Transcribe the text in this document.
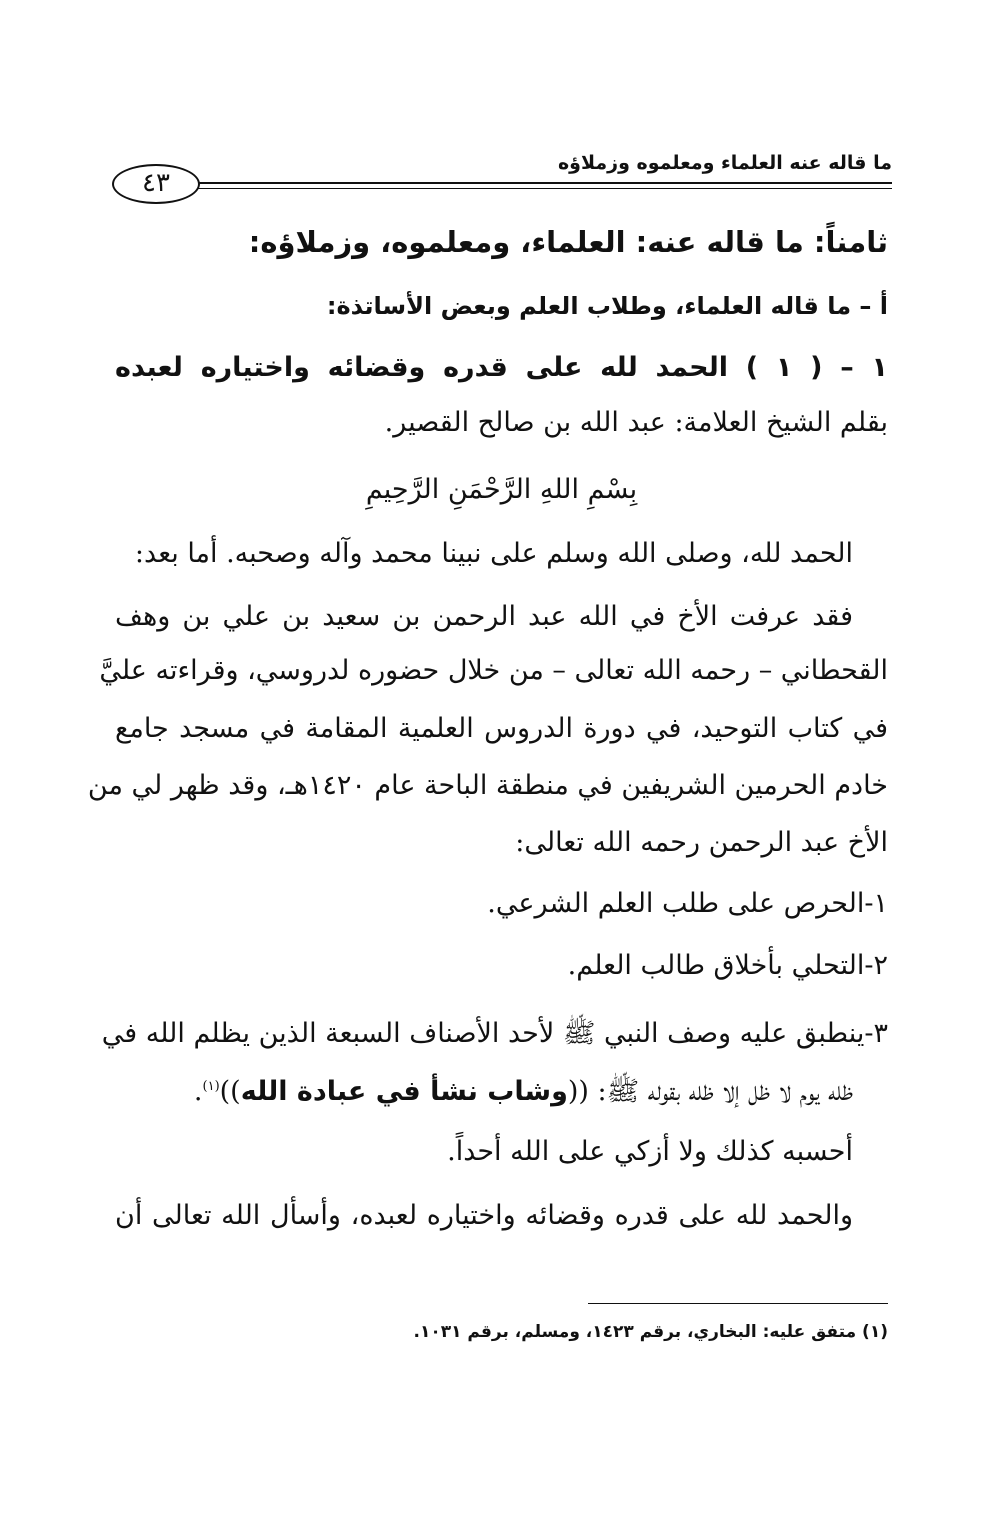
ما قاله عنه العلماء ومعلموه وزملاؤه
٤٣
ثامناً: ما قاله عنه: العلماء، ومعلموه، وزملاؤه:
أ – ما قاله العلماء، وطلاب العلم وبعض الأساتذة:
١ – ( ١ ) الحمد لله على قدره وقضائه واختياره لعبده
بقلم الشيخ العلامة: عبد الله بن صالح القصير.
بِسْمِ اللهِ الرَّحْمَنِ الرَّحِيمِ
الحمد لله، وصلى الله وسلم على نبينا محمد وآله وصحبه. أما بعد:
فقد عرفت الأخ في الله عبد الرحمن بن سعيد بن علي بن وهف
القحطاني – رحمه الله تعالى – من خلال حضوره لدروسي، وقراءته عليَّ
في كتاب التوحيد، في دورة الدروس العلمية المقامة في مسجد جامع
خادم الحرمين الشريفين في منطقة الباحة عام ١٤٢٠هـ، وقد ظهر لي من
الأخ عبد الرحمن رحمه الله تعالى:
١-الحرص على طلب العلم الشرعي.
٢-التحلي بأخلاق طالب العلم.
٣-ينطبق عليه وصف النبي ﷺ لأحد الأصناف السبعة الذين يظلم الله في
ظله يوم لا ظل إلا ظله بقوله ﷺ: ((وشاب نشأ في عبادة الله))$^{(١)}$.
أحسبه كذلك ولا أزكي على الله أحداً.
والحمد لله على قدره وقضائه واختياره لعبده، وأسأل الله تعالى أن
(١) متفق عليه: البخاري، برقم ١٤٢٣، ومسلم، برقم ١٠٣١.
